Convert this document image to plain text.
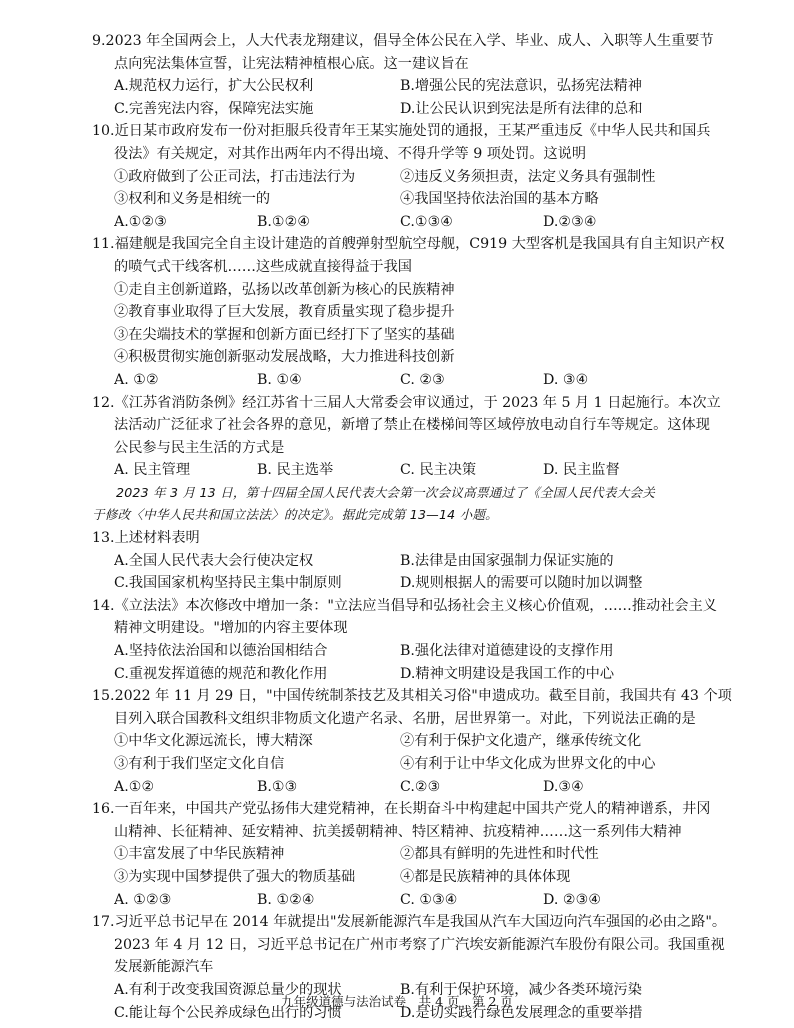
9.2023 年全国两会上，人大代表龙翔建议，倡导全体公民在入学、毕业、成人、入职等人生重要节
点向宪法集体宣誓，让宪法精神植根心底。这一建议旨在
A.规范权力运行，扩大公民权利	B.增强公民的宪法意识，弘扬宪法精神
C.完善宪法内容，保障宪法实施	D.让公民认识到宪法是所有法律的总和
10.近日某市政府发布一份对拒服兵役青年王某实施处罚的通报，王某严重违反《中华人民共和国兵
役法》有关规定，对其作出两年内不得出境、不得升学等 9 项处罚。这说明
①政府做到了公正司法，打击违法行为	②违反义务须担责，法定义务具有强制性
③权利和义务是相统一的	④我国坚持依法治国的基本方略
A.①②③	B.①②④	C.①③④	D.②③④
11.福建舰是我国完全自主设计建造的首艘弹射型航空母舰，C919 大型客机是我国具有自主知识产权
的喷气式干线客机……这些成就直接得益于我国
①走自主创新道路，弘扬以改革创新为核心的民族精神
②教育事业取得了巨大发展，教育质量实现了稳步提升
③在尖端技术的掌握和创新方面已经打下了坚实的基础
④积极贯彻实施创新驱动发展战略，大力推进科技创新
A. ①②	B. ①④	C. ②③	D. ③④
12.《江苏省消防条例》经江苏省十三届人大常委会审议通过，于 2023 年 5 月 1 日起施行。本次立
法活动广泛征求了社会各界的意见，新增了禁止在楼梯间等区域停放电动自行车等规定。这体现
公民参与民主生活的方式是
A. 民主管理	B. 民主选举	C. 民主决策	D. 民主监督
2023 年 3 月 13 日，第十四届全国人民代表大会第一次会议高票通过了《全国人民代表大会关
于修改〈中华人民共和国立法法〉的决定》。据此完成第 13—14 小题。
13.上述材料表明
A.全国人民代表大会行使决定权	B.法律是由国家强制力保证实施的
C.我国国家机构坚持民主集中制原则	D.规则根据人的需要可以随时加以调整
14.《立法法》本次修改中增加一条："立法应当倡导和弘扬社会主义核心价值观，……推动社会主义
精神文明建设。"增加的内容主要体现
A.坚持依法治国和以德治国相结合	B.强化法律对道德建设的支撑作用
C.重视发挥道德的规范和教化作用	D.精神文明建设是我国工作的中心
15.2022 年 11 月 29 日，"中国传统制茶技艺及其相关习俗"申遗成功。截至目前，我国共有 43 个项
目列入联合国教科文组织非物质文化遗产名录、名册，居世界第一。对此，下列说法正确的是
①中华文化源远流长，博大精深	②有利于保护文化遗产，继承传统文化
③有利于我们坚定文化自信	④有利于让中华文化成为世界文化的中心
A.①②	B.①③	C.②③	D.③④
16.一百年来，中国共产党弘扬伟大建党精神，在长期奋斗中构建起中国共产党人的精神谱系，井冈
山精神、长征精神、延安精神、抗美援朝精神、特区精神、抗疫精神……这一系列伟大精神
①丰富发展了中华民族精神	②都具有鲜明的先进性和时代性
③为实现中国梦提供了强大的物质基础	④都是民族精神的具体体现
A. ①②③	B. ①②④	C. ①③④	D. ②③④
17.习近平总书记早在 2014 年就提出"发展新能源汽车是我国从汽车大国迈向汽车强国的必由之路"。
2023 年 4 月 12 日，习近平总书记在广州市考察了广汽埃安新能源汽车股份有限公司。我国重视
发展新能源汽车
A.有利于改变我国资源总量少的现状	B.有利于保护环境，减少各类环境污染
C.能让每个公民养成绿色出行的习惯	D.是切实践行绿色发展理念的重要举措
九年级道德与法治试卷　共 4 页　第 2 页
